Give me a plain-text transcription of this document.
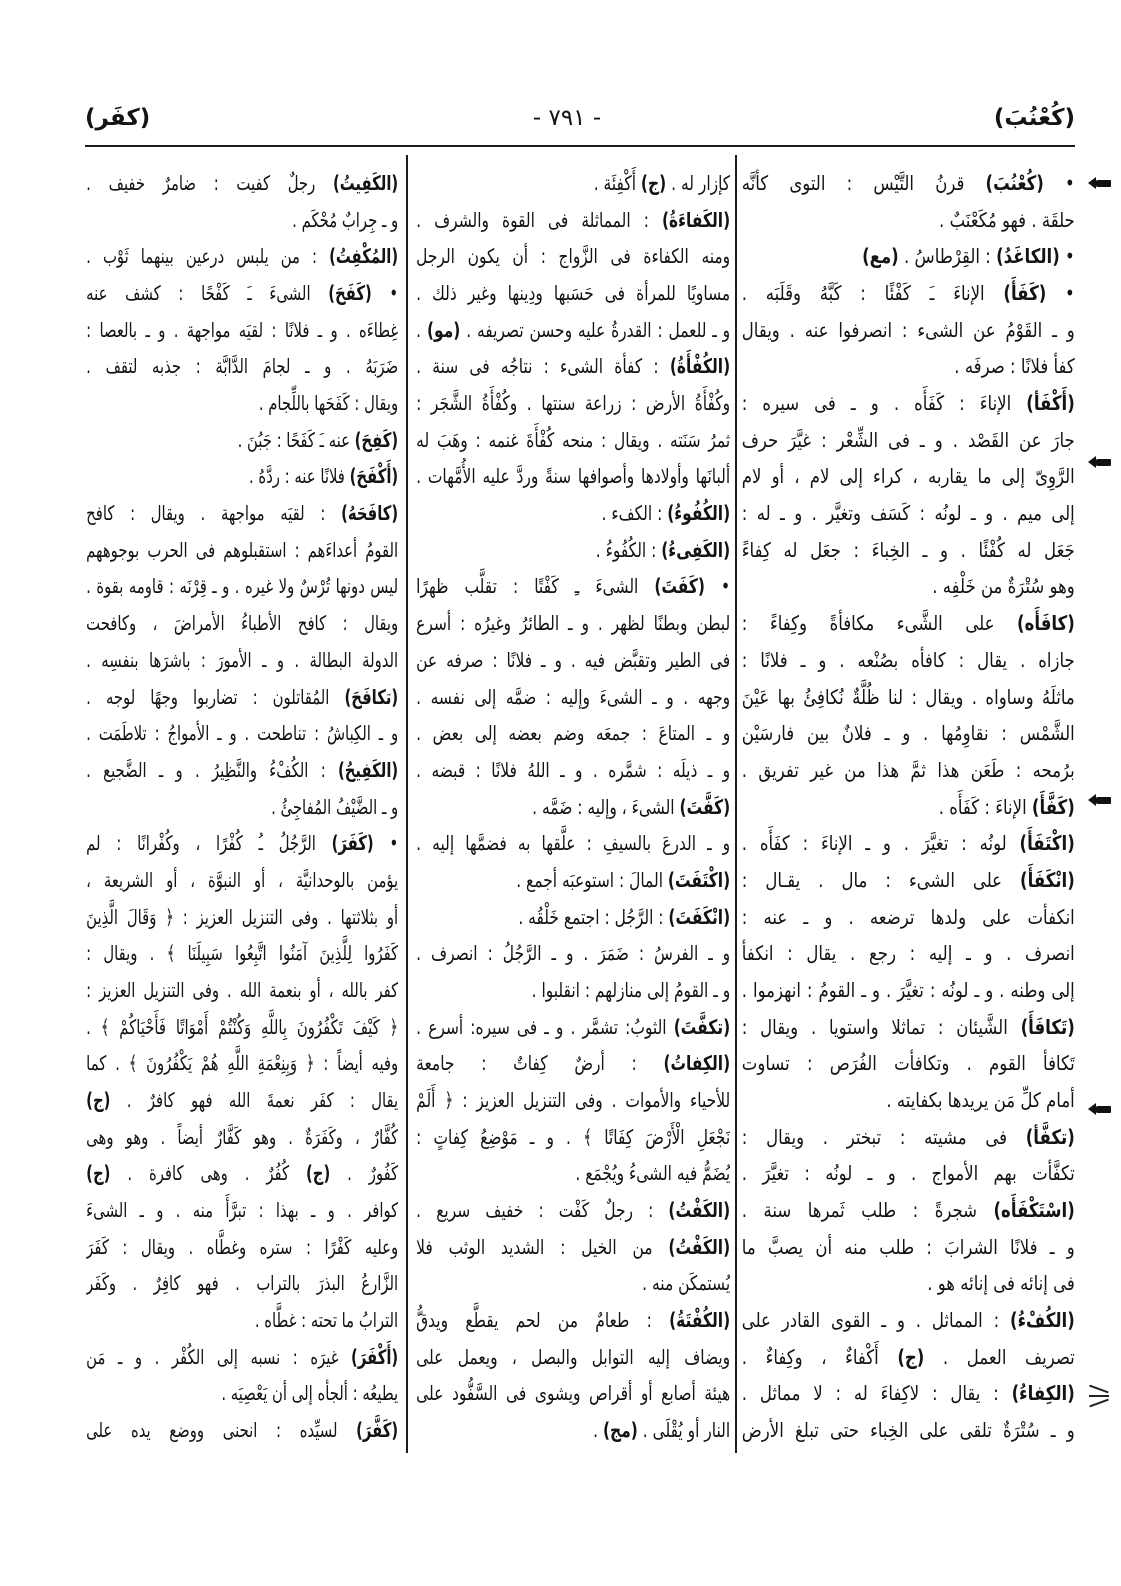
(كُعْنُبَ)
- ٧٩١ -
(كفَر)
• (كُعْنُبَ) قرنُ التَّيْس : التوى كأنَّه
حلقَة . فهو مُكَعْنَبٌ .
• (الكاغَدُ) : القِرْطاسُ . (مع)
• (كَفَأَ) الإناءَ ـَ كَفْئًا : كَبَّهُ وقَلَبَه .
و ـ القَوْمُ عن الشىء : انصرفوا عنه . ويقال
كفأ فلانًا : صرفَه .
(أَكْفَأ) الإناءَ : كَفَأَه . و ـ فى سيره :
جارَ عن القَصْد . و ـ فى الشِّعْر : غيَّرَ حرف
الرَّوِىّ إلى ما يقاربه ، كراء إلى لام ، أو لام
إلى ميم . و ـ لونُه : كَسَف وتغيَّر . و ـ له :
جَعَل له كُفْئًا . و ـ الخِباءَ : جعَل له كِفاءً
وهو سُتْرَةٌ من خَلْفِه .
(كافَأَه) على الشَّىء مكافأةً وكِفاءً :
جازاه . يقال : كافأه بصُنْعه . و ـ فلانًا :
ماثلَهُ وساواه . ويقال : لنا ظُلَّةٌ نُكافِئُ بها عَيْنَ
الشَّمْس : نقاوِمُها . و ـ فلانٌ بين فارسَيْن
برُمحه : طَعَن هذا ثمَّ هذا من غير تفريق .
(كَفَّأَ) الإناءَ : كَفَأَه .
(اكْتَفَأَ) لونُه : تغيَّرَ . و ـ الإناءَ : كفَأَه .
(انْكَفَأَ) على الشىء : مال . يقـال :
انكفأت على ولدها ترضعه . و ـ عنه :
انصرف . و ـ إليه : رجع . يقال : انكفأ
إلى وطنه . و ـ لونُه : تغيَّرَ . و ـ القومُ : انهزموا .
(تَكافَأَ) الشَّيئان : تماثلا واستويا . ويقال :
تَكافأ القوم . وتكافأت الفُرَص : تساوت
أمام كلِّ مَن يريدها بكفايته .
(تكفَّأ) فى مشيته : تبختر . ويقال :
تكفَّأت بهم الأمواج . و ـ لونُه : تغيَّرَ .
(اسْتَكْفَأَه) شجرةً : طلب ثَمرها سنة .
و ـ فلانًا الشرابَ : طلب منه أن يصبَّ ما
فى إنائه فى إنائه هو .
(الكُفْءُ) : المماثل . و ـ القوى القادر على
تصريف العمل . (ج) أَكْفاءٌ ، وكِفاءٌ .
(الكِفاءُ) : يقال : لاكِفاءَ له : لا مماثل .
و ـ سُتْرَةٌ تلقى على الخِباء حتى تبلغ الأرض
كإزار له . (ج) أَكْفِئَة .
(الكَفاءَةُ) : المماثلة فى القوة والشرف .
ومنه الكفاءة فى الزَّواج : أن يكون الرجل
مساويًا للمرأة فى حَسَبها ودِينها وغير ذلك .
و ـ للعمل : القدرةُ عليه وحسن تصريفه . (مو) .
(الكُفْأَةُ) : كفأة الشىء : نتاجُه فى سنة .
وكُفْأَةُ الأرض : زراعة سنتها . وكُفْأَةُ الشَّجَر :
ثمرُ سَنَته . ويقال : منحه كُفْأَةَ غنمه : وهَبَ له
ألبانَها وأولادها وأصوافها سنةً وردَّ عليه الأُمَّهات .
(الكُفُوءُ) : الكفء .
(الكَفِىءُ) : الكُفُوءُ .
• (كَفَتَ) الشىءَ ـِ كَفْتًا : تقلَّب ظهرًا
لبطن وبطنًا لظهر . و ـ الطائرُ وغيرُه : أسرع
فى الطير وتقبَّض فيه . و ـ فلانًا : صرفه عن
وجهه . و ـ الشىءَ وإليه : ضمَّه إلى نفسه .
و ـ المتاعَ : جمعَه وضم بعضه إلى بعض .
و ـ ذيلَه : شمَّره . و ـ اللهُ فلانًا : قبضه .
(كَفَّتَ) الشىءَ ، وإليه : ضَمَّه .
و ـ الدرعَ بالسيفِ : علَّقها به فضمَّها إليه .
(اكْتَفَتَ) المالَ : استوعبَه أجمع .
(انْكَفَتَ) : الرَّجُل : اجتمع خَلْقُه .
و ـ الفرسُ : ضَمَرَ . و ـ الرَّجُلُ : انصرف .
و ـ القومُ إلى منازلهم : انقلبوا .
(تكفَّتَ) الثوبُ: تشمَّر . و ـ فى سيره: أسرع .
(الكِفاتُ) : أرضٌ كِفاتٌ : جامعة
للأحياء والأموات . وفى التنزيل العزيز : ﴿ أَلَمْ
نَجْعَلِ الْأَرْضَ كِفَاتًا ﴾ . و ـ مَوْضِعُ كِفاتٍ :
يُضَمُّ فيه الشىءُ ويُجْمَع .
(الكَفْتُ) : رجلٌ كَفْت : خفيف سريع .
(الكَفْتُ) من الخيل : الشديد الوثب فلا
يُستمكَن منه .
(الكُفْتَةُ) : طعامٌ من لحم يقطَّع ويدقُّ
ويضاف إليه التوابل والبصل ، ويعمل على
هيئة أصابع أو أقراص ويشوى فى السَّفُّود على
النار أو يُقْلَى . (مج) .
(الكَفِيتُ) رجلٌ كفيت : ضامرٌ خفيف .
و ـ جِرابٌ مُحْكَم .
(المُكْفِتُ) : من يلبس درعين بينهما ثَوْب .
• (كَفَحَ) الشىءَ ـَ كَفْحًا : كشف عنه
غِطاءَه . و ـ فلانًا : لقيَه مواجهة . و ـ بالعصا :
ضَرَبَهُ . و ـ لجامَ الدَّابَّة : جذبه لتقف .
ويقال : كَفَحَها باللِّجام .
(كَفِحَ) عنه ـَ كَفَحًا : جَبُنَ .
(أَكْفَحَ) فلانًا عنه : ردَّهُ .
(كافَحَهُ) : لقيَه مواجهة . ويقال : كافح
القومُ أعداءَهم : استقبلوهم فى الحرب بوجوههم
ليس دونها تُرْسٌ ولا غيره . و ـ قِرْنَه : قاومه بقوة .
ويقال : كافح الأطباءُ الأمراضَ ، وكافحت
الدولة البطالة . و ـ الأمورَ : باشرَها بنفسِه .
(تكافَحَ) المُقاتلون : تضاربوا وجهًا لوجه .
و ـ الكِباشُ : تناطحت . و ـ الأمواجُ : تلاطَمَت .
(الكَفِيحُ) : الكُفْءُ والنَّظِيرُ . و ـ الضَّجيع .
و ـ الضَّيْفُ المُفاجِئُ .
• (كَفَرَ) الرَّجُلُ ـُ كُفْرًا ، وكُفْرانًا : لم
يؤمن بالوحدانيَّة ، أو النبوَّة ، أو الشريعة ،
أو بثلاثتها . وفى التنزيل العزيز : ﴿ وَقَالَ الَّذِينَ
كَفَرُوا لِلَّذِينَ آمَنُوا اتَّبِعُوا سَبِيلَنَا ﴾ . ويقال :
كفر بالله ، أو بنعمة الله . وفى التنزيل العزيز :
﴿ كَيْفَ تَكْفُرُونَ بِاللَّهِ وَكُنْتُمْ أَمْوَاتًا فَأَحْيَاكُمْ ﴾ .
وفيه أيضاً : ﴿ وَبِنِعْمَةِ اللَّهِ هُمْ يَكْفُرُونَ ﴾ . كما
يقال : كفَر نعمةَ الله فهو كافرٌ . (ج)
كُفَّارٌ ، وكَفَرَةٌ . وهو كَفَّارٌ أيضاً . وهو وهى
كَفُورٌ . (ج) كُفُرٌ . وهى كافرة . (ج)
كوافر . و ـ بهذا : تبرَّأَ منه . و ـ الشىءَ
وعليه كَفْرًا : ستره وغطَّاه . ويقال : كَفَرَ
الزَّارعُ البذرَ بالتراب . فهو كافِرٌ . وكَفَر
الترابُ ما تحته : غطَّاه .
(أَكْفَرَ) غيرَه : نسبه إلى الكُفْر . و ـ مَن
يطيعُه : ألجأه إلى أن يَعْصِيَه .
(كَفَّرَ) لسيِّده : انحنى ووضع يده على
